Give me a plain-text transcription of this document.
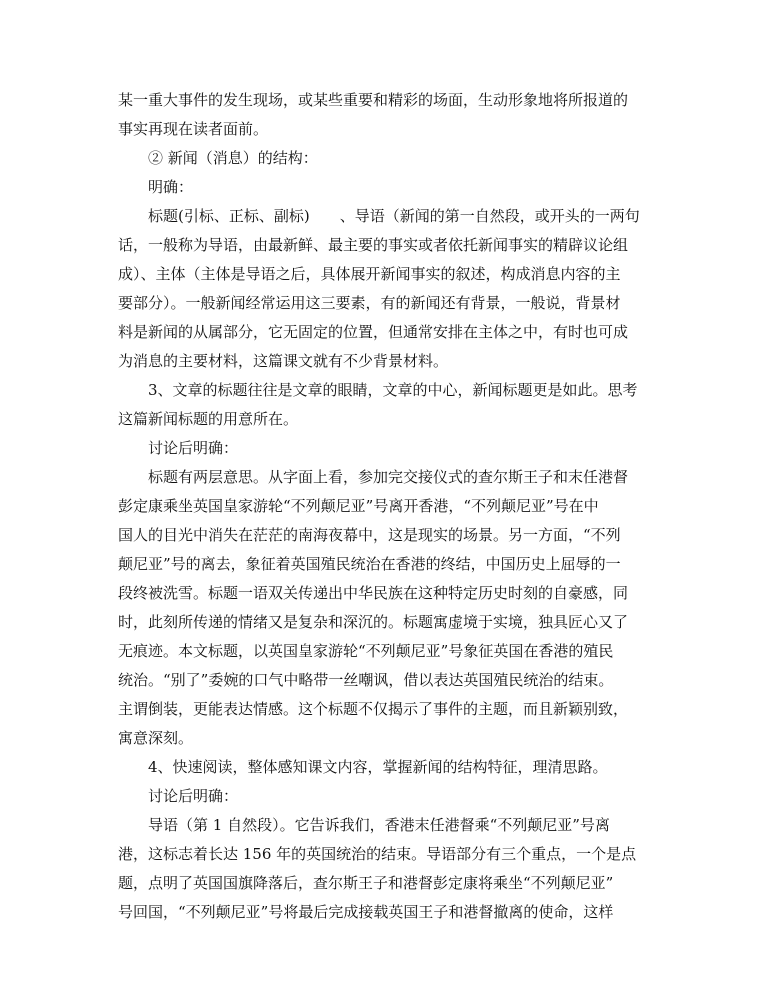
某一重大事件的发生现场，或某些重要和精彩的场面，生动形象地将所报道的
事实再现在读者面前。
② 新闻（消息）的结构：
明确：
标题(引标、正标、副标)　　、导语（新闻的第一自然段，或开头的一两句
话，一般称为导语，由最新鲜、最主要的事实或者依托新闻事实的精辟议论组
成）、主体（主体是导语之后，具体展开新闻事实的叙述，构成消息内容的主
要部分）。一般新闻经常运用这三要素，有的新闻还有背景，一般说，背景材
料是新闻的从属部分，它无固定的位置，但通常安排在主体之中，有时也可成
为消息的主要材料，这篇课文就有不少背景材料。
3、文章的标题往往是文章的眼睛，文章的中心，新闻标题更是如此。思考
这篇新闻标题的用意所在。
讨论后明确：
标题有两层意思。从字面上看，参加完交接仪式的查尔斯王子和末任港督
彭定康乘坐英国皇家游轮“不列颠尼亚”号离开香港，“不列颠尼亚”号在中
国人的目光中消失在茫茫的南海夜幕中，这是现实的场景。另一方面，“不列
颠尼亚”号的离去，象征着英国殖民统治在香港的终结，中国历史上屈辱的一
段终被洗雪。标题一语双关传递出中华民族在这种特定历史时刻的自豪感，同
时，此刻所传递的情绪又是复杂和深沉的。标题寓虚境于实境，独具匠心又了
无痕迹。本文标题，以英国皇家游轮“不列颠尼亚”号象征英国在香港的殖民
统治。“别了”委婉的口气中略带一丝嘲讽，借以表达英国殖民统治的结束。
主谓倒装，更能表达情感。这个标题不仅揭示了事件的主题，而且新颖别致，
寓意深刻。
4、快速阅读，整体感知课文内容，掌握新闻的结构特征，理清思路。
讨论后明确：
导语（第 1 自然段）。它告诉我们，香港末任港督乘“不列颠尼亚”号离
港，这标志着长达 156 年的英国统治的结束。导语部分有三个重点，一个是点
题，点明了英国国旗降落后，查尔斯王子和港督彭定康将乘坐“不列颠尼亚”
号回国，“不列颠尼亚”号将最后完成接载英国王子和港督撤离的使命，这样
